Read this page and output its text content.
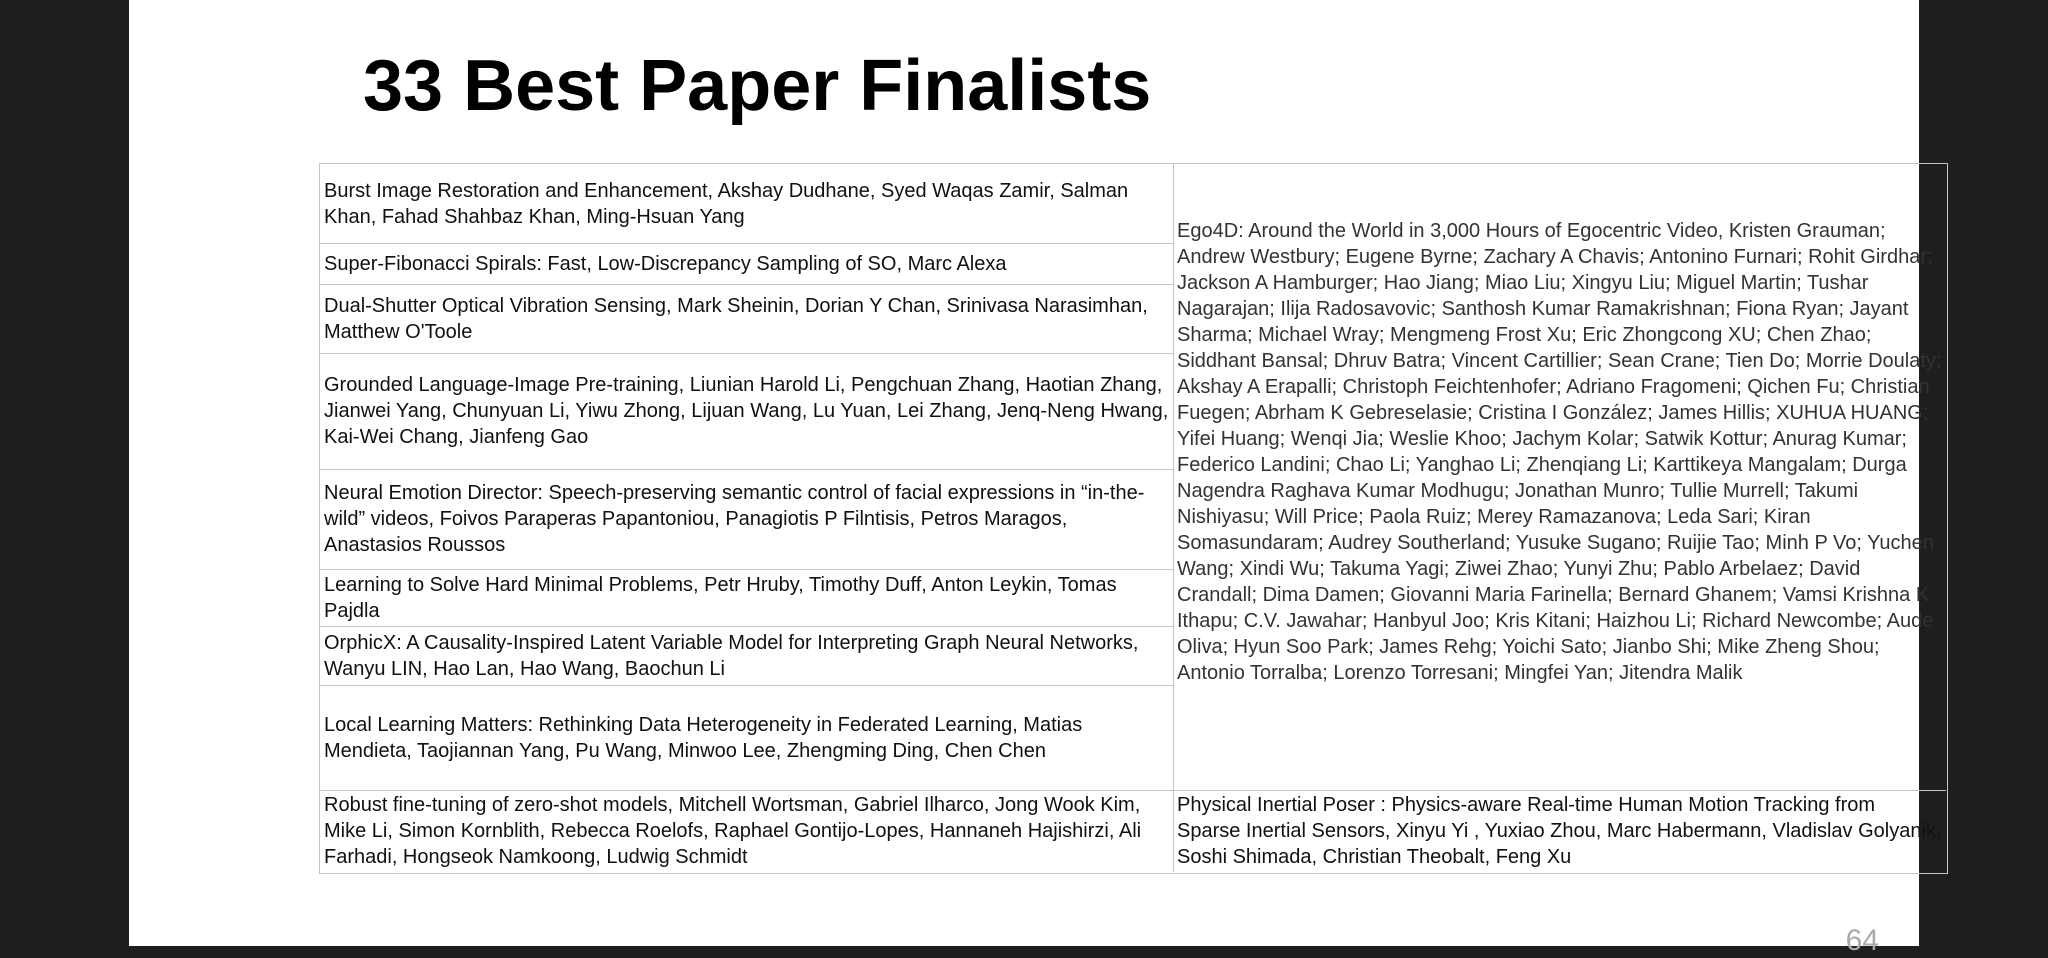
33 Best Paper Finalists
Burst Image Restoration and Enhancement, Akshay Dudhane, Syed Waqas Zamir, Salman Khan, Fahad Shahbaz Khan, Ming-Hsuan Yang
Super-Fibonacci Spirals: Fast, Low-Discrepancy Sampling of SO, Marc Alexa
Dual-Shutter Optical Vibration Sensing, Mark Sheinin, Dorian Y Chan, Srinivasa Narasimhan, Matthew O'Toole
Grounded Language-Image Pre-training, Liunian Harold Li, Pengchuan Zhang, Haotian Zhang, Jianwei Yang, Chunyuan Li, Yiwu Zhong, Lijuan Wang, Lu Yuan, Lei Zhang, Jenq-Neng Hwang, Kai-Wei Chang, Jianfeng Gao
Neural Emotion Director: Speech-preserving semantic control of facial expressions in “in-the-wild” videos, Foivos Paraperas Papantoniou, Panagiotis P Filntisis, Petros Maragos, Anastasios Roussos
Learning to Solve Hard Minimal Problems, Petr Hruby, Timothy Duff, Anton Leykin, Tomas Pajdla
OrphicX: A Causality-Inspired Latent Variable Model for Interpreting Graph Neural Networks, Wanyu LIN, Hao Lan, Hao Wang, Baochun Li
Local Learning Matters: Rethinking Data Heterogeneity in Federated Learning, Matias Mendieta, Taojiannan Yang, Pu Wang, Minwoo Lee, Zhengming Ding, Chen Chen
Robust fine-tuning of zero-shot models, Mitchell Wortsman, Gabriel Ilharco, Jong Wook Kim, Mike Li, Simon Kornblith, Rebecca Roelofs, Raphael Gontijo-Lopes, Hannaneh Hajishirzi, Ali Farhadi, Hongseok Namkoong, Ludwig Schmidt
Ego4D: Around the World in 3,000 Hours of Egocentric Video, Kristen Grauman; Andrew Westbury; Eugene Byrne; Zachary A Chavis; Antonino Furnari; Rohit Girdhar; Jackson A Hamburger; Hao Jiang; Miao Liu; Xingyu Liu; Miguel Martin; Tushar Nagarajan; Ilija Radosavovic; Santhosh Kumar Ramakrishnan; Fiona Ryan; Jayant Sharma; Michael Wray; Mengmeng Frost Xu; Eric Zhongcong XU; Chen Zhao; Siddhant Bansal; Dhruv Batra; Vincent Cartillier; Sean Crane; Tien Do; Morrie Doulaty; Akshay A Erapalli; Christoph Feichtenhofer; Adriano Fragomeni; Qichen Fu; Christian Fuegen; Abrham K Gebreselasie; Cristina I González; James Hillis; XUHUA HUANG; Yifei Huang; Wenqi Jia; Weslie Khoo; Jachym Kolar; Satwik Kottur; Anurag Kumar; Federico Landini; Chao Li; Yanghao Li; Zhenqiang Li; Karttikeya Mangalam; Durga Nagendra Raghava Kumar Modhugu; Jonathan Munro; Tullie Murrell; Takumi Nishiyasu; Will Price; Paola Ruiz; Merey Ramazanova; Leda Sari; Kiran Somasundaram; Audrey Southerland; Yusuke Sugano; Ruijie Tao; Minh P Vo; Yuchen Wang; Xindi Wu; Takuma Yagi; Ziwei Zhao; Yunyi Zhu; Pablo Arbelaez; David Crandall; Dima Damen; Giovanni Maria Farinella; Bernard Ghanem; Vamsi Krishna K Ithapu; C.V. Jawahar; Hanbyul Joo; Kris Kitani; Haizhou Li; Richard Newcombe; Aude Oliva; Hyun Soo Park; James Rehg; Yoichi Sato; Jianbo Shi; Mike Zheng Shou; Antonio Torralba; Lorenzo Torresani; Mingfei Yan; Jitendra Malik
Physical Inertial Poser : Physics-aware Real-time Human Motion Tracking from Sparse Inertial Sensors, Xinyu Yi , Yuxiao Zhou, Marc Habermann, Vladislav Golyanik, Soshi Shimada, Christian Theobalt, Feng Xu
64
